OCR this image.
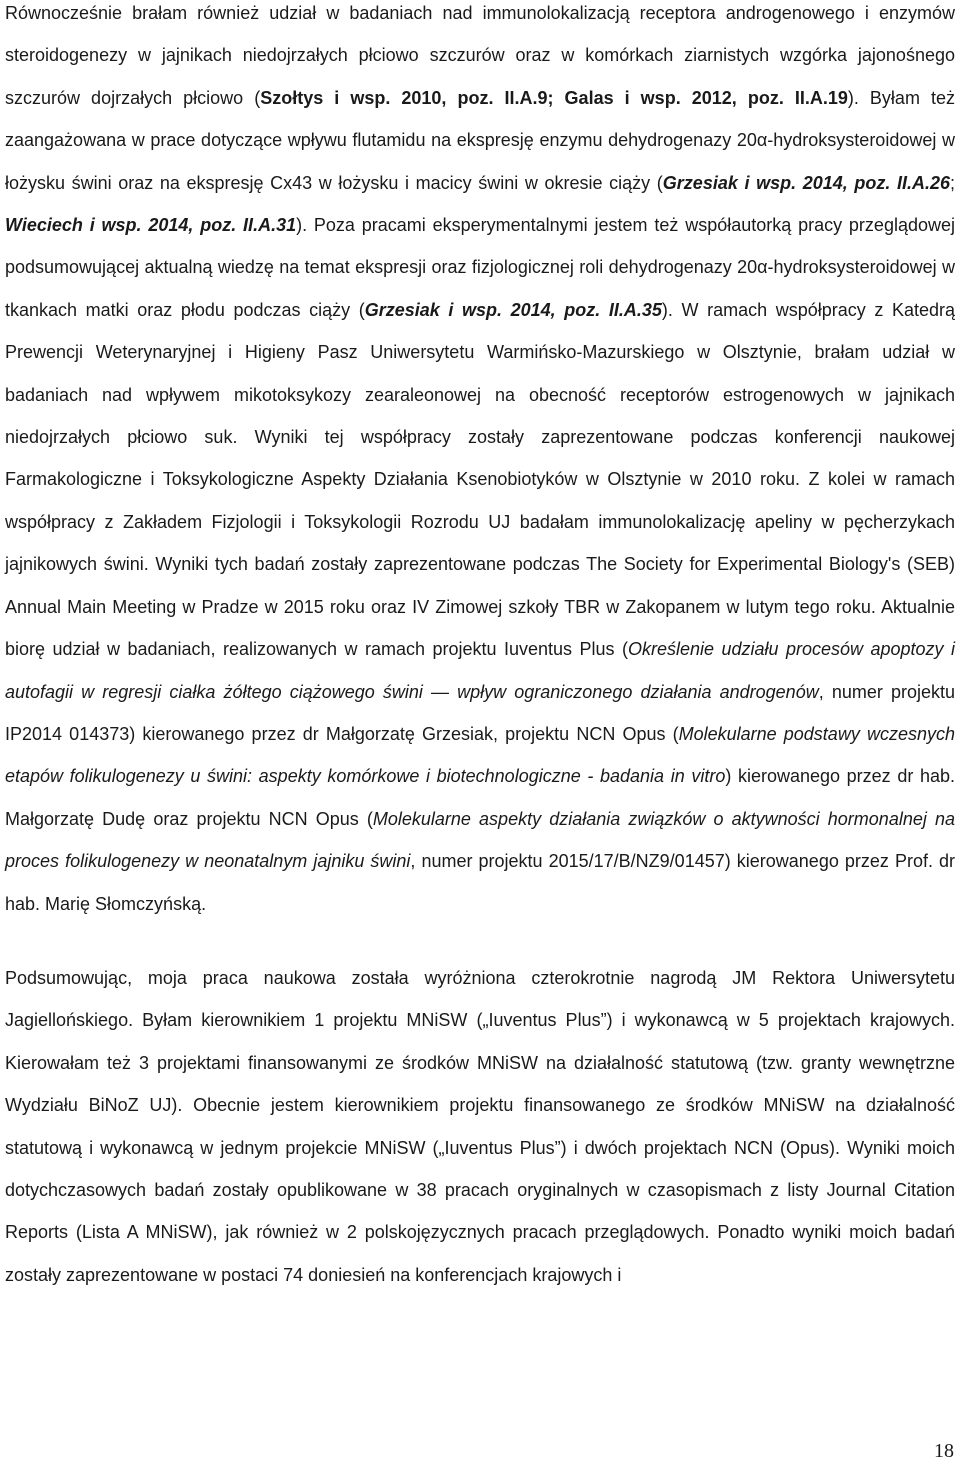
Równocześnie brałam również udział w badaniach nad immunolokalizacją receptora androgenowego i enzymów steroidogenezy w jajnikach niedojrzałych płciowo szczurów oraz w komórkach ziarnistych wzgórka jajonośnego szczurów dojrzałych płciowo (Szołtys i wsp. 2010, poz. II.A.9; Galas i wsp. 2012, poz. II.A.19). Byłam też zaangażowana w prace dotyczące wpływu flutamidu na ekspresję enzymu dehydrogenazy 20α-hydroksysteroidowej w łożysku świni oraz na ekspresję Cx43 w łożysku i macicy świni w okresie ciąży (Grzesiak i wsp. 2014, poz. II.A.26; Wieciech i wsp. 2014, poz. II.A.31). Poza pracami eksperymentalnymi jestem też współautorką pracy przeglądowej podsumowującej aktualną wiedzę na temat ekspresji oraz fizjologicznej roli dehydrogenazy 20α-hydroksysteroidowej w tkankach matki oraz płodu podczas ciąży (Grzesiak i wsp. 2014, poz. II.A.35). W ramach współpracy z Katedrą Prewencji Weterynaryjnej i Higieny Pasz Uniwersytetu Warmińsko-Mazurskiego w Olsztynie, brałam udział w badaniach nad wpływem mikotoksykozy zearaleonowej na obecność receptorów estrogenowych w jajnikach niedojrzałych płciowo suk. Wyniki tej współpracy zostały zaprezentowane podczas konferencji naukowej Farmakologiczne i Toksykologiczne Aspekty Działania Ksenobiotyków w Olsztynie w 2010 roku. Z kolei w ramach współpracy z Zakładem Fizjologii i Toksykologii Rozrodu UJ badałam immunolokalizację apeliny w pęcherzykach jajnikowych świni. Wyniki tych badań zostały zaprezentowane podczas The Society for Experimental Biology's (SEB) Annual Main Meeting w Pradze w 2015 roku oraz IV Zimowej szkoły TBR w Zakopanem w lutym tego roku. Aktualnie biorę udział w badaniach, realizowanych w ramach projektu Iuventus Plus (Określenie udziału procesów apoptozy i autofagii w regresji ciałka żółtego ciążowego świni — wpływ ograniczonego działania androgenów, numer projektu IP2014 014373) kierowanego przez dr Małgorzatę Grzesiak, projektu NCN Opus (Molekularne podstawy wczesnych etapów folikulogenezy u świni: aspekty komórkowe i biotechnologiczne - badania in vitro) kierowanego przez dr hab. Małgorzatę Dudę oraz projektu NCN Opus (Molekularne aspekty działania związków o aktywności hormonalnej na proces folikulogenezy w neonatalnym jajniku świni, numer projektu 2015/17/B/NZ9/01457) kierowanego przez Prof. dr hab. Marię Słomczyńską.

Podsumowując, moja praca naukowa została wyróżniona czterokrotnie nagrodą JM Rektora Uniwersytetu Jagiellońskiego. Byłam kierownikiem 1 projektu MNiSW („Iuventus Plus”) i wykonawcą w 5 projektach krajowych. Kierowałam też 3 projektami finansowanymi ze środków MNiSW na działalność statutową (tzw. granty wewnętrzne Wydziału BiNoZ UJ). Obecnie jestem kierownikiem projektu finansowanego ze środków MNiSW na działalność statutową i wykonawcą w jednym projekcie MNiSW („Iuventus Plus”) i dwóch projektach NCN (Opus). Wyniki moich dotychczasowych badań zostały opublikowane w 38 pracach oryginalnych w czasopismach z listy Journal Citation Reports (Lista A MNiSW), jak również w 2 polskojęzycznych pracach przeglądowych. Ponadto wyniki moich badań zostały zaprezentowane w postaci 74 doniesień na konferencjach krajowych i

18
